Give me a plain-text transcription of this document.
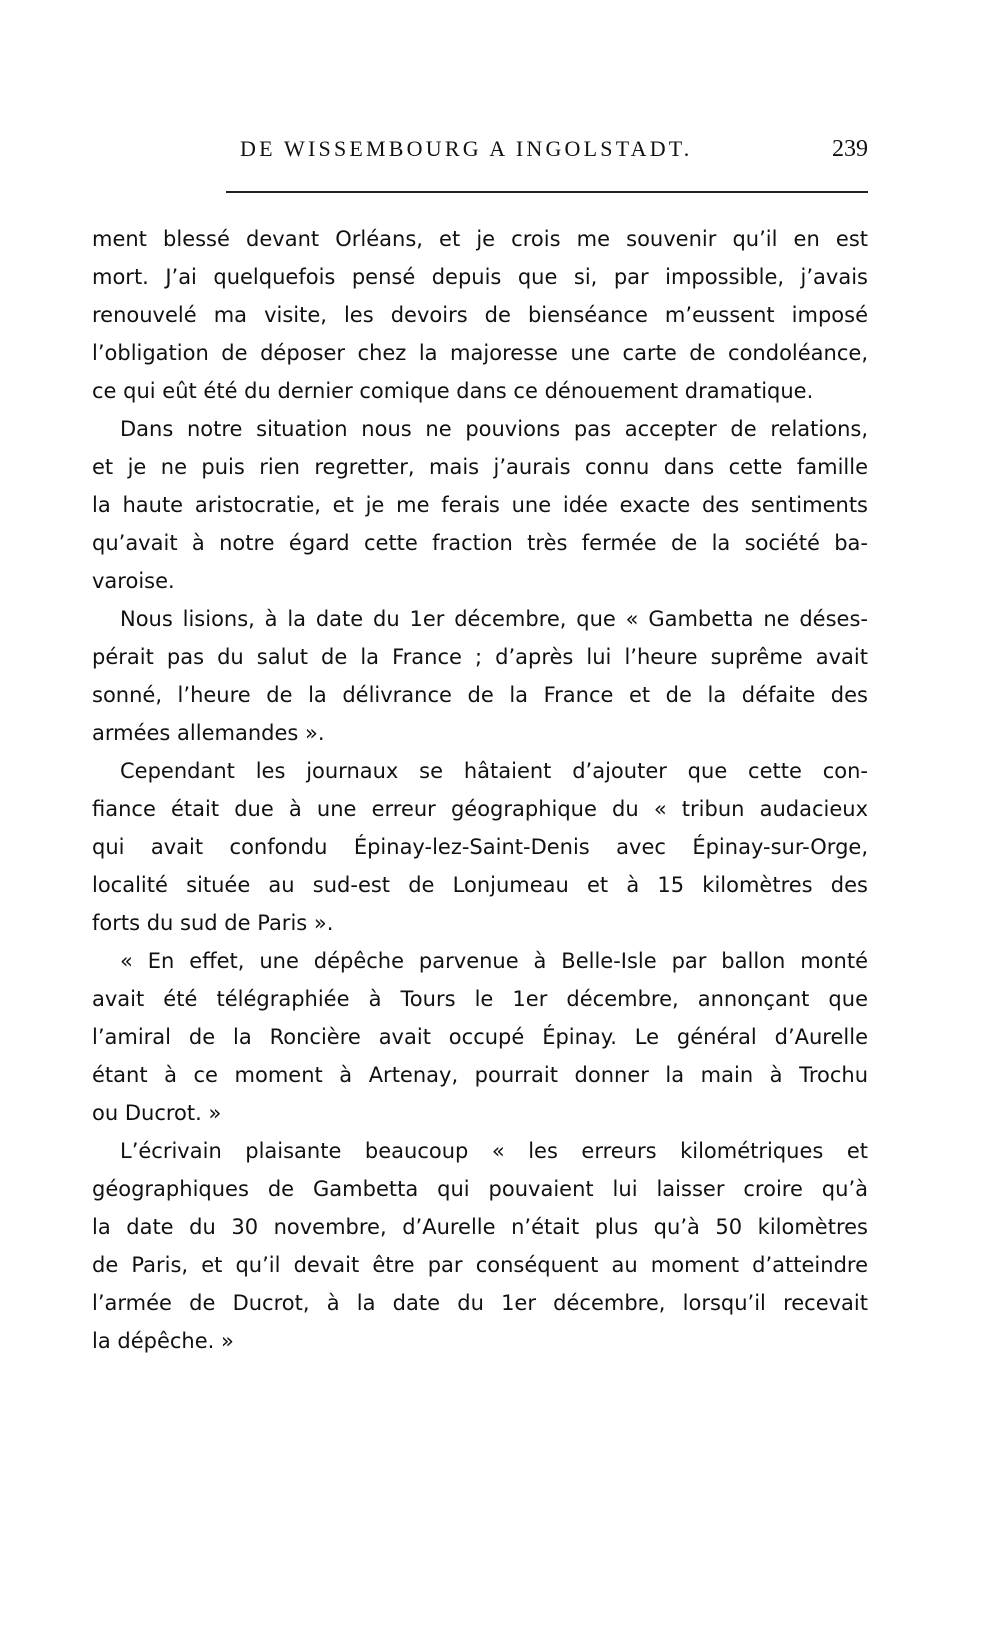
DE WISSEMBOURG A INGOLSTADT.	239
ment blessé devant Orléans, et je crois me souvenir qu’il en est
mort. J’ai quelquefois pensé depuis que si, par impossible, j’avais
renouvelé ma visite, les devoirs de bienséance m’eussent imposé
l’obligation de déposer chez la majoresse une carte de condoléance,
ce qui eût été du dernier comique dans ce dénouement dramatique.
Dans notre situation nous ne pouvions pas accepter de relations,
et je ne puis rien regretter, mais j’aurais connu dans cette famille
la haute aristocratie, et je me ferais une idée exacte des sentiments
qu’avait à notre égard cette fraction très fermée de la société ba-
varoise.
Nous lisions, à la date du 1er décembre, que « Gambetta ne déses-
pérait pas du salut de la France ; d’après lui l’heure suprême avait
sonné, l’heure de la délivrance de la France et de la défaite des
armées allemandes ».
Cependant les journaux se hâtaient d’ajouter que cette con-
fiance était due à une erreur géographique du « tribun audacieux
qui avait confondu Épinay-lez-Saint-Denis avec Épinay-sur-Orge,
localité située au sud-est de Lonjumeau et à 15 kilomètres des
forts du sud de Paris ».
« En effet, une dépêche parvenue à Belle-Isle par ballon monté
avait été télégraphiée à Tours le 1er décembre, annonçant que
l’amiral de la Roncière avait occupé Épinay. Le général d’Aurelle
étant à ce moment à Artenay, pourrait donner la main à Trochu
ou Ducrot. »
L’écrivain plaisante beaucoup « les erreurs kilométriques et
géographiques de Gambetta qui pouvaient lui laisser croire qu’à
la date du 30 novembre, d’Aurelle n’était plus qu’à 50 kilomètres
de Paris, et qu’il devait être par conséquent au moment d’atteindre
l’armée de Ducrot, à la date du 1er décembre, lorsqu’il recevait
la dépêche. »
